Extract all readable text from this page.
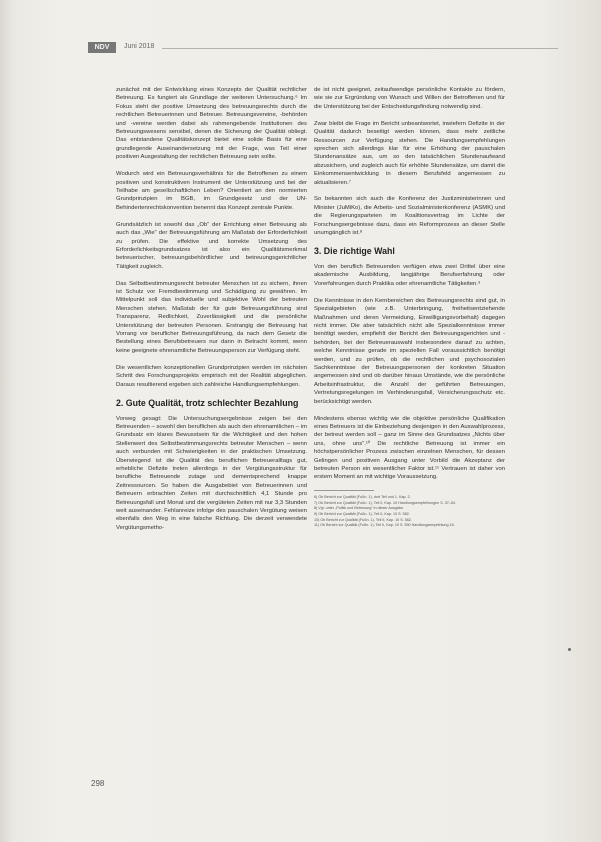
NDV	Juni 2018

zunächst mit der Entwicklung eines Konzepts der Qualität rechtlicher Betreuung. Es fungiert als Grundlage der weiteren Untersuchung.⁶ Im Fokus steht der positive Umsetzung des betreuungsrechts durch die rechtlichen Betreuerinnen und Betreuer. Betreuungsvereine, -behörden und -vereine werden dabei als rahmengebende Institutionen des Betreuungswesens sensibel, denen die Sicherung der Qualität obliegt. Das entstandene Qualitätskonzept bietet eine solide Basis für eine grundlegende Auseinandersetzung mit der Frage, was Teil einer positiven Ausgestaltung der rechtlichen Betreuung sein sollte.

Wodurch wird ein Betreuungsverhältnis für die Betroffenen zu einem positiven und konstruktiven Instrument der Unterstützung und bei der Teilhabe am gesellschaftlichen Leben? Orientiert an den normierten Grundprinzipien im BGB, im Grundgesetz und der UN-Behindertenrechtskonvention benennt das Konzept zentrale Punkte.

Grundsätzlich ist sowohl das „Ob“ der Errichtung einer Betreuung als auch das „Wie“ der Betreuungsführung am Maßstab der Erforderlichkeit zu prüfen. Die effektive und korrekte Umsetzung des Erforderlichkeitsgrundsatzes ist also ein Qualitätsmerkmal betreuerischer, betreuungsbehördlicher und betreuungsgerichtlicher Tätigkeit zugleich.

Das Selbstbestimmungsrecht betreuter Menschen ist zu sichern, ihnen ist Schutz vor Fremdbestimmung und Schädigung zu gewähren. Im Mittelpunkt soll das individuelle und subjektive Wohl der betreuten Menschen stehen. Maßstab der für gute Betreuungsführung sind Transparenz, Redlichkeit, Zuverlässigkeit und die persönliche Unterstützung der betreuten Personen. Erstrangig der Betreuung hat Vorrang vor beruflicher Betreuungsführung, da nach dem Gesetz die Bestellung eines Berufsbetreuers nur dann in Betracht kommt, wenn keine geeignete ehrenamtliche Betreuungsperson zur Verfügung steht.

Die wesentlichen konzeptionellen Grundprinzipien werden im nächsten Schritt des Forschungsprojekts empirisch mit der Realität abgeglichen. Daraus resultierend ergeben sich zahlreiche Handlungsempfehlungen.

2. Gute Qualität, trotz schlechter Bezahlung

Vorweg gesagt: Die Untersuchungsergebnisse zeigen bei den Betreuenden – sowohl den beruflichen als auch den ehrenamtlichen – im Grundsatz ein klares Bewusstsein für die Wichtigkeit und den hohen Stellenwert des Selbstbestimmungsrechts betreuter Menschen – wenn auch verbunden mit Schwierigkeiten in der praktischen Umsetzung. Überwiegend ist die Qualität des beruflichen Betreueralltags gut, erhebliche Defizite treten allerdings in der Vergütungsstruktur für berufliche Betreuende zutage und dementsprechend knappe Zeitressourcen. So haben die Ausgabebiet von Betreuerinnen und Betreuern erbrachten Zeiten mit durchschnittlich 4,1 Stunde pro Betreuungsfall und Monat und die vergüteten Zeiten mit nur 3,3 Stunden weit auseinander. Fehlanreize infolge des pauschalen Vergütung weisen ebenfalls den Weg in eine falsche Richtung. Die derzeit verwendete Vergütungsmetho-

de ist nicht geeignet, zeitaufwendige persönliche Kontakte zu fördern, wie sie zur Ergründung von Wunsch und Willen der Betroffenen und für die Unterstützung bei der Entscheidungsfindung notwendig sind.

Zwar bleibt die Frage im Bericht unbeantwortet, inwiefern Defizite in der Qualität dadurch beseitigt werden können, dass mehr zeitliche Ressourcen zur Verfügung stehen. Die Handlungsempfehlungen sprechen sich allerdings klar für eine Erhöhung der pauschalen Stundenansätze aus, um so den tatsächlichen Stundenaufwand abzusichern, und zugleich auch für erhöhte Stundensätze, um damit die Einkommensentwicklung in diesem Berufsfeld angemessen zu aktualisieren.⁷

So bekannten sich auch die Konferenz der Justizministerinnen und Minister (JuMiKo), die Arbeits- und Sozialministerkonferenz (ASMK) und die Regierungsparteien im Koalitionsvertrag im Lichte der Forschungsergebnisse dazu, dass ein Reformprozess an dieser Stelle unumgänglich ist.⁸

3. Die richtige Wahl

Von den beruflich Betreuenden verfügen etwa zwei Drittel über eine akademische Ausbildung, langjährige Berufserfahrung oder Vorerfahrungen durch Praktika oder ehrenamtliche Tätigkeiten.⁹

Die Kenntnisse in den Kernbereichen des Betreuungsrechts sind gut, in Spezialgebieten (wie z.B. Unterbringung, freiheitsentziehende Maßnahmen und deren Vermeidung, Einwilligungsvorbehalt) dagegen nicht immer. Die aber tatsächlich nicht alle Spezialkenntnisse immer benötigt werden, empfiehlt der Bericht den Betreuungsgerichten und -behörden, bei der Betreuerauswahl insbesondere darauf zu achten, welche Kenntnisse gerade im speziellen Fall voraussichtlich benötigt werden, und zu prüfen, ob die rechtlichen und psychosozialen Sachkenntnisse der Betreuungspersonen der konkreten Situation angemessen sind und ob darüber hinaus Umstände, wie die persönliche Arbeitsinfrastruktur, die Anzahl der geführten Betreuungen, Vertretungsregelungen im Verhinderungsfall, Versicherungsschutz etc. berücksichtigt werden.

Mindestens ebenso wichtig wie die objektive persönliche Qualifikation eines Betreuers ist die Einbeziehung desjenigen in den Auswahlprozess, der betreut werden soll – ganz im Sinne des Grundsatzes „Nichts über uns, ohne uns“.¹⁰ Die rechtliche Betreuung ist immer ein höchstpersönlicher Prozess zwischen einzelnen Menschen, für dessen Gelingen und positiven Ausgang unter Vorbild die Akzeptanz der betreuten Person ein wesentlicher Faktor ist.¹¹ Vertrauen ist daher von erstem Moment an mit wichtige Voraussetzung.

6) Ob Bericht zur Qualität (Fußn. 1), dort Teil und 1, Kap. 2.

7) Ob Bericht zur Qualität (Fußn. 1), Teil II, Kap. 10 Handlungsempfehlungen S. 37–54.

8) Vgl. unter „Politik und Betreuung“ in dieser Ausgabe.

9) Ob Bericht zur Qualität (Fußn. 1), Teil II, Kap. 10 S. 582.

10) Ob Bericht zur Qualität (Fußn. 1), Teil II, Kap. 10 S. 582.

11) Ob Bericht zur Qualität (Fußn. 1), Teil II, Kap. 10 S. 590 Handlungsempfehlung 16.

298
